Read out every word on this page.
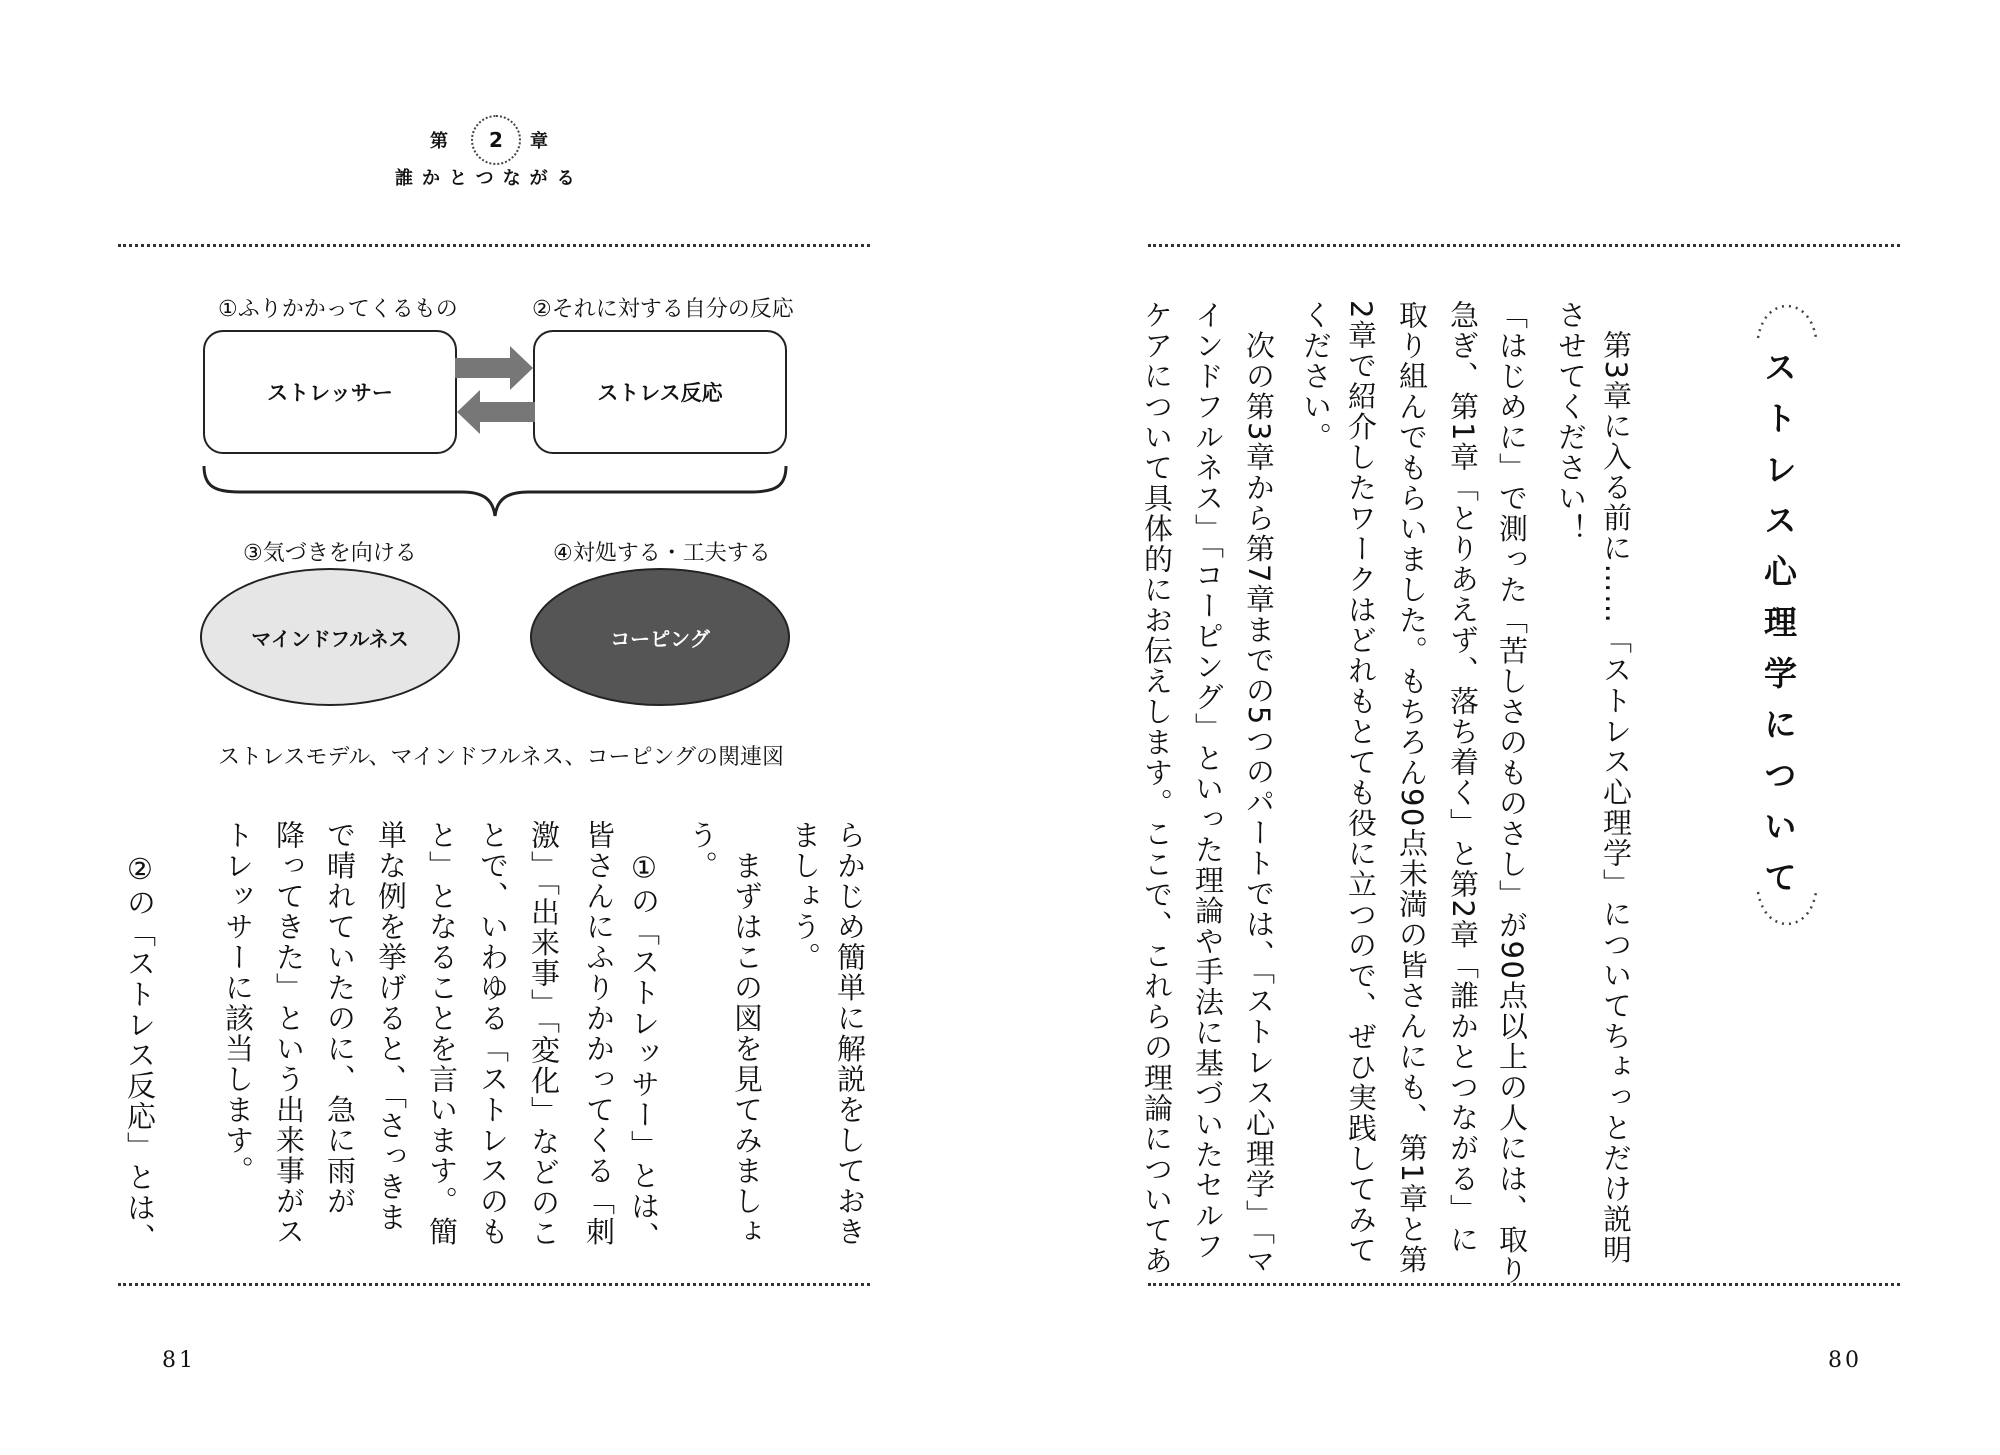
第	2	章
誰かとつながる
①ふりかかってくるもの	②それに対する自分の反応
ストレッサー	ストレス反応
③気づきを向ける	④対処する・工夫する
マインドフルネス	コーピング
ストレスモデル、マインドフルネス、コーピングの関連図
らかじめ簡単に解説をしておき
ましょう。
　まずはこの図を見てみましょ
う。
　①の「ストレッサー」とは、
皆さんにふりかかってくる「刺
激」「出来事」「変化」などのこ
とで、いわゆる「ストレスのも
と」となることを言います。簡
単な例を挙げると、「さっきま
で晴れていたのに、急に雨が
降ってきた」という出来事がス
トレッサーに該当します。
②の「ストレス反応」とは、
81
ストレス心理学について
第3章に入る前に……「ストレス心理学」についてちょっとだけ説明
させてください！
「はじめに」で測った「苦しさのものさし」が90点以上の人には、取り
急ぎ、第1章「とりあえず、落ち着く」と第2章「誰かとつながる」に
取り組んでもらいました。もちろん90点未満の皆さんにも、第1章と第
2章で紹介したワークはどれもとても役に立つので、ぜひ実践してみて
ください。
　次の第3章から第7章までの5つのパートでは、「ストレス心理学」「マ
インドフルネス」「コーピング」といった理論や手法に基づいたセルフ
ケアについて具体的にお伝えします。ここで、これらの理論についてあ
80
